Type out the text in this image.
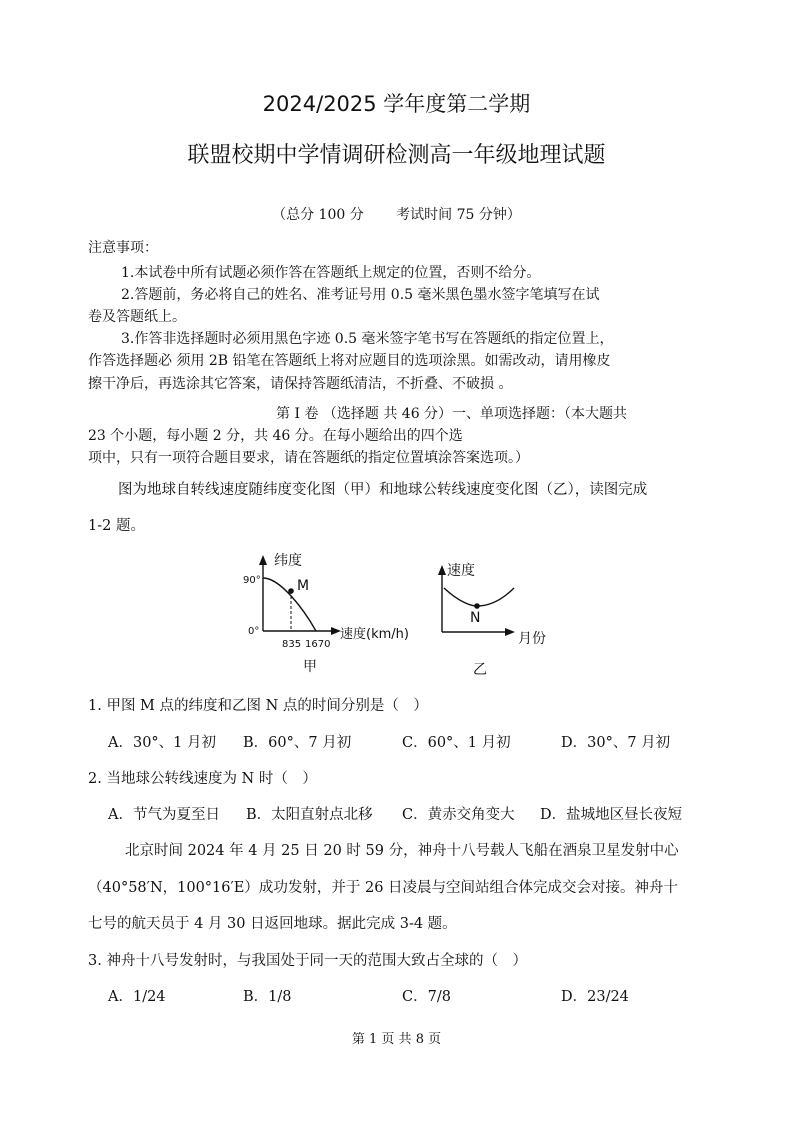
2024/2025 学年度第二学期
联盟校期中学情调研检测高一年级地理试题
（总分 100 分 考试时间 75 分钟）
注意事项：
1.本试卷中所有试题必须作答在答题纸上规定的位置，否则不给分。
2.答题前，务必将自己的姓名、准考证号用 0.5 毫米黑色墨水签字笔填写在试
卷及答题纸上。
3.作答非选择题时必须用黑色字迹 0.5 毫米签字笔书写在答题纸的指定位置上，
作答选择题必 须用 2B 铅笔在答题纸上将对应题目的选项涂黑。如需改动，请用橡皮
擦干净后，再选涂其它答案，请保持答题纸清洁，不折叠、不破损 。
第 I 卷 （选择题 共 46 分）一、单项选择题：（本大题共
23 个小题，每小题 2 分，共 46 分。在每小题给出的四个选
项中，只有一项符合题目要求，请在答题纸的指定位置填涂答案选项。）
图为地球自转线速度随纬度变化图（甲）和地球公转线速度变化图（乙），读图完成
1-2 题。
纬度
90°
0°
M
835 1670
速度(km/h)
甲
速度
N
月份
乙
1. 甲图 M 点的纬度和乙图 N 点的时间分别是（　）
A．30°、1 月初 B．60°、7 月初	C．60°、1 月初	D．30°、7 月初
2. 当地球公转线速度为 N 时（　）
A．节气为夏至日 B．太阳直射点北移 C．黄赤交角变大 D．盐城地区昼长夜短
北京时间 2024 年 4 月 25 日 20 时 59 分，神舟十八号载人飞船在酒泉卫星发射中心
（40°58′N，100°16′E）成功发射，并于 26 日凌晨与空间站组合体完成交会对接。神舟十
七号的航天员于 4 月 30 日返回地球。据此完成 3-4 题。
3. 神舟十八号发射时，与我国处于同一天的范围大致占全球的（　）
A．1/24	B．1/8	C．7/8	D．23/24
第 1 页 共 8 页
